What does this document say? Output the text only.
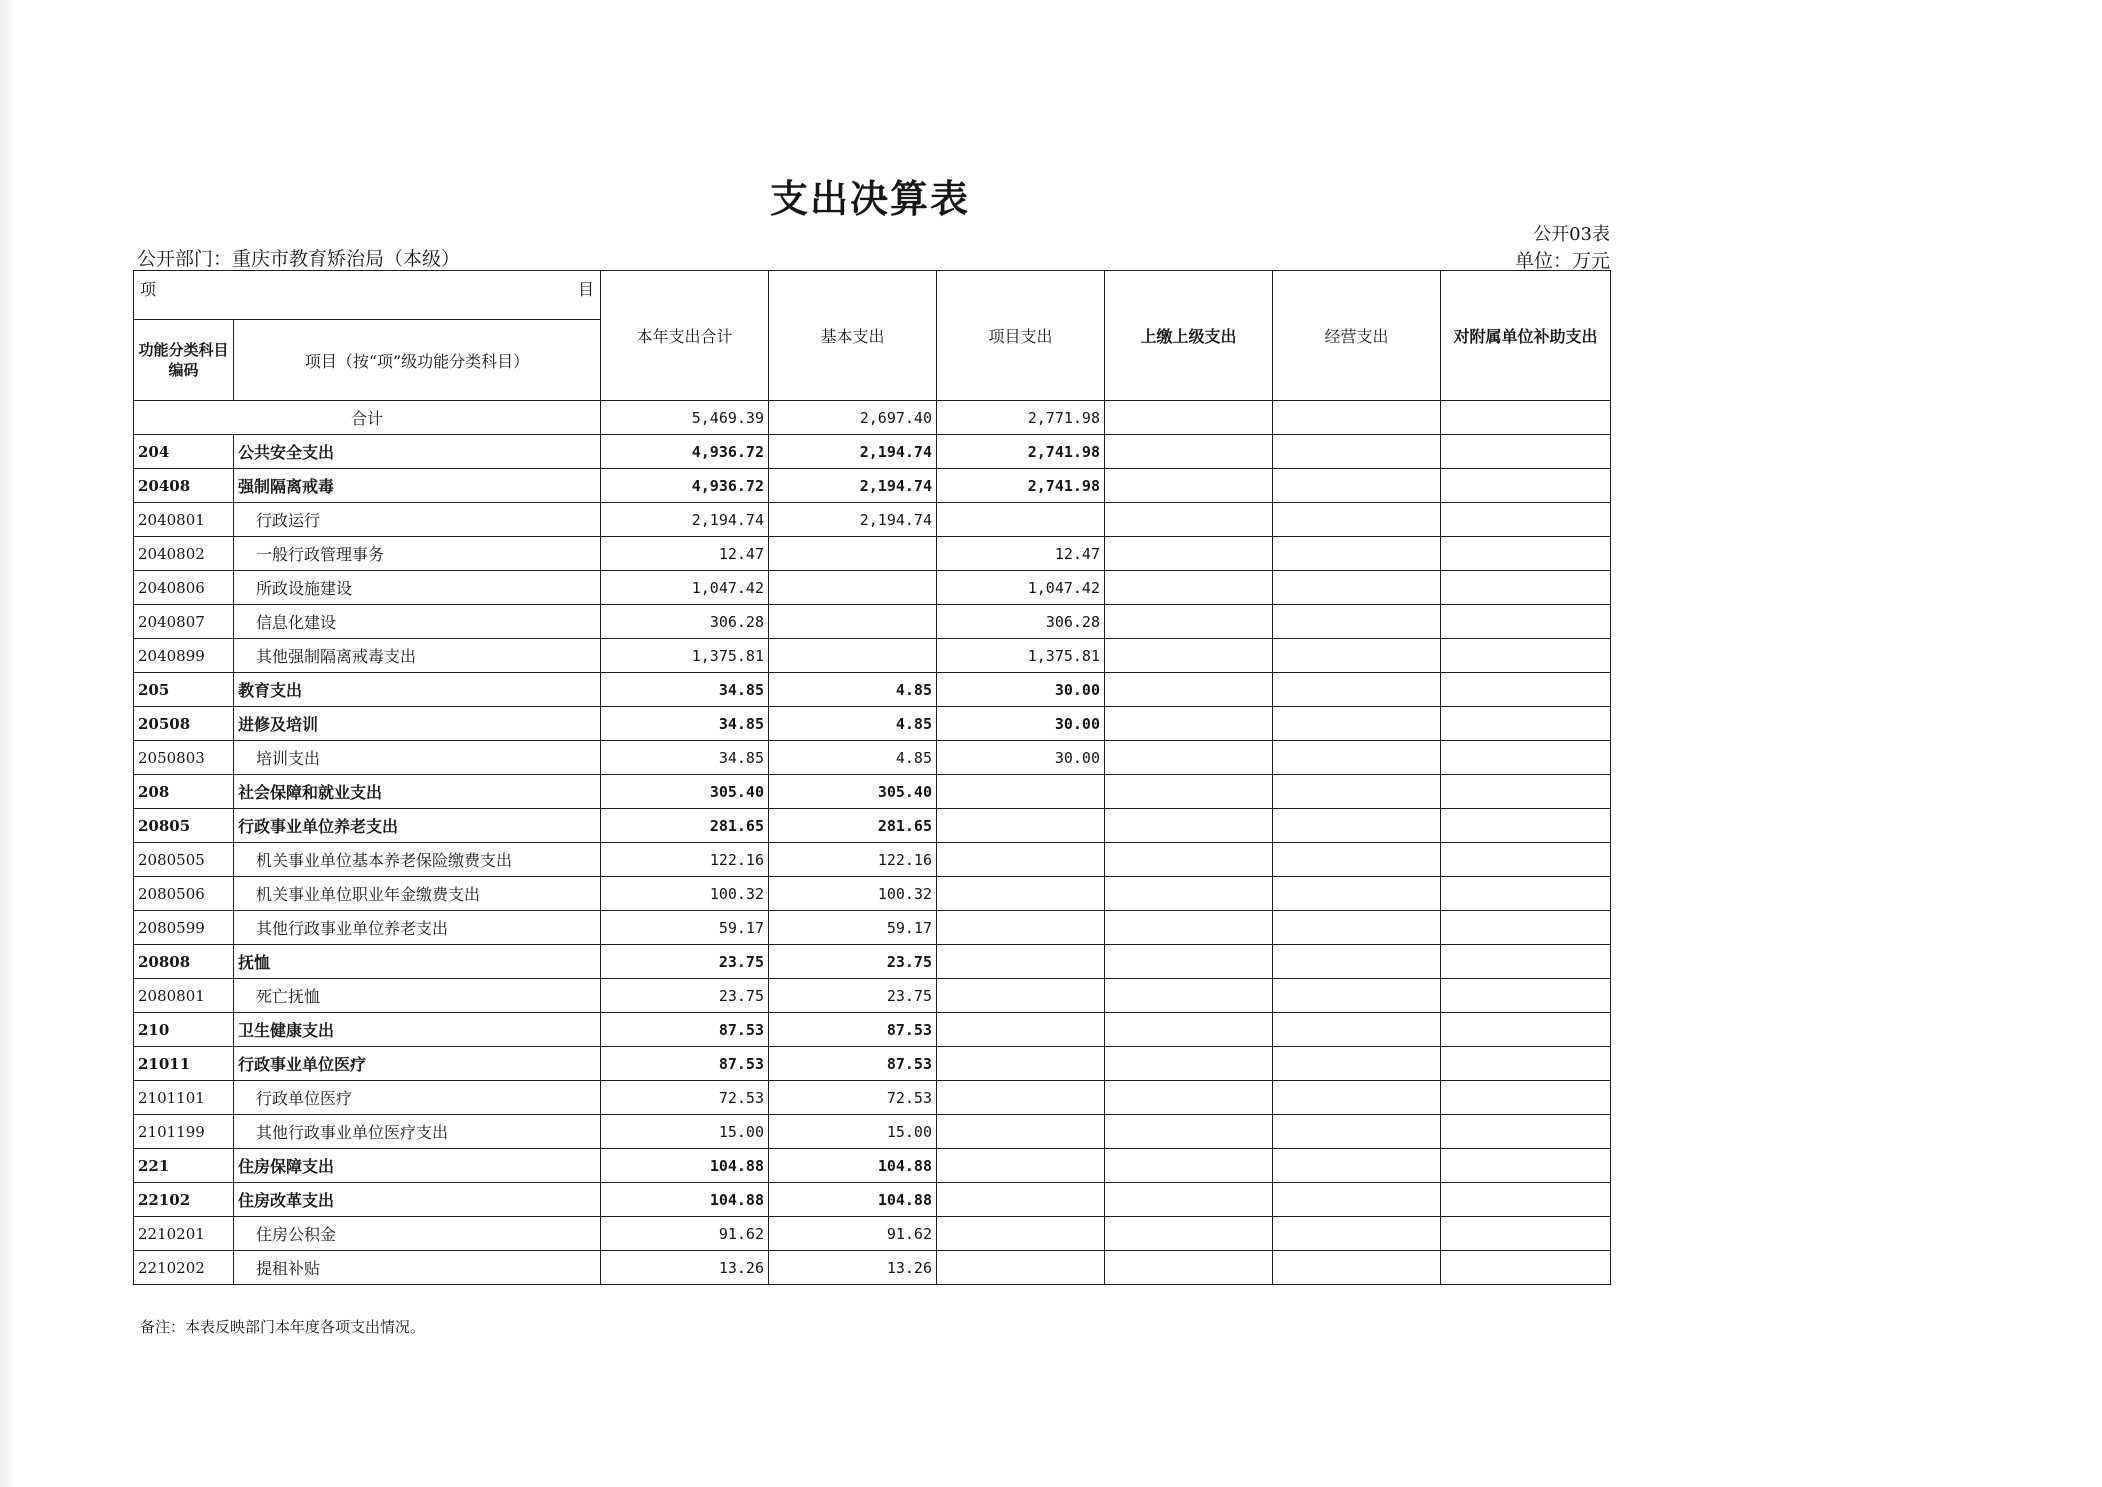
支出决算表
公开03表
公开部门：重庆市教育矫治局（本级）	单位：万元
项 目		本年支出合计	基本支出	项目支出	上缴上级支出	经营支出	对附属单位补助支出
功能分类科目编码	项目（按“项”级功能分类科目）						
合计		5,469.39	2,697.40	2,771.98			
204	公共安全支出	4,936.72	2,194.74	2,741.98			
20408	强制隔离戒毒	4,936.72	2,194.74	2,741.98			
2040801	行政运行	2,194.74	2,194.74				
2040802	一般行政管理事务	12.47		12.47			
2040806	所政设施建设	1,047.42		1,047.42			
2040807	信息化建设	306.28		306.28			
2040899	其他强制隔离戒毒支出	1,375.81		1,375.81			
205	教育支出	34.85	4.85	30.00			
20508	进修及培训	34.85	4.85	30.00			
2050803	培训支出	34.85	4.85	30.00			
208	社会保障和就业支出	305.40	305.40				
20805	行政事业单位养老支出	281.65	281.65				
2080505	机关事业单位基本养老保险缴费支出	122.16	122.16				
2080506	机关事业单位职业年金缴费支出	100.32	100.32				
2080599	其他行政事业单位养老支出	59.17	59.17				
20808	抚恤	23.75	23.75				
2080801	死亡抚恤	23.75	23.75				
210	卫生健康支出	87.53	87.53				
21011	行政事业单位医疗	87.53	87.53				
2101101	行政单位医疗	72.53	72.53				
2101199	其他行政事业单位医疗支出	15.00	15.00				
221	住房保障支出	104.88	104.88				
22102	住房改革支出	104.88	104.88				
2210201	住房公积金	91.62	91.62				
2210202	提租补贴	13.26	13.26				
备注：本表反映部门本年度各项支出情况。
